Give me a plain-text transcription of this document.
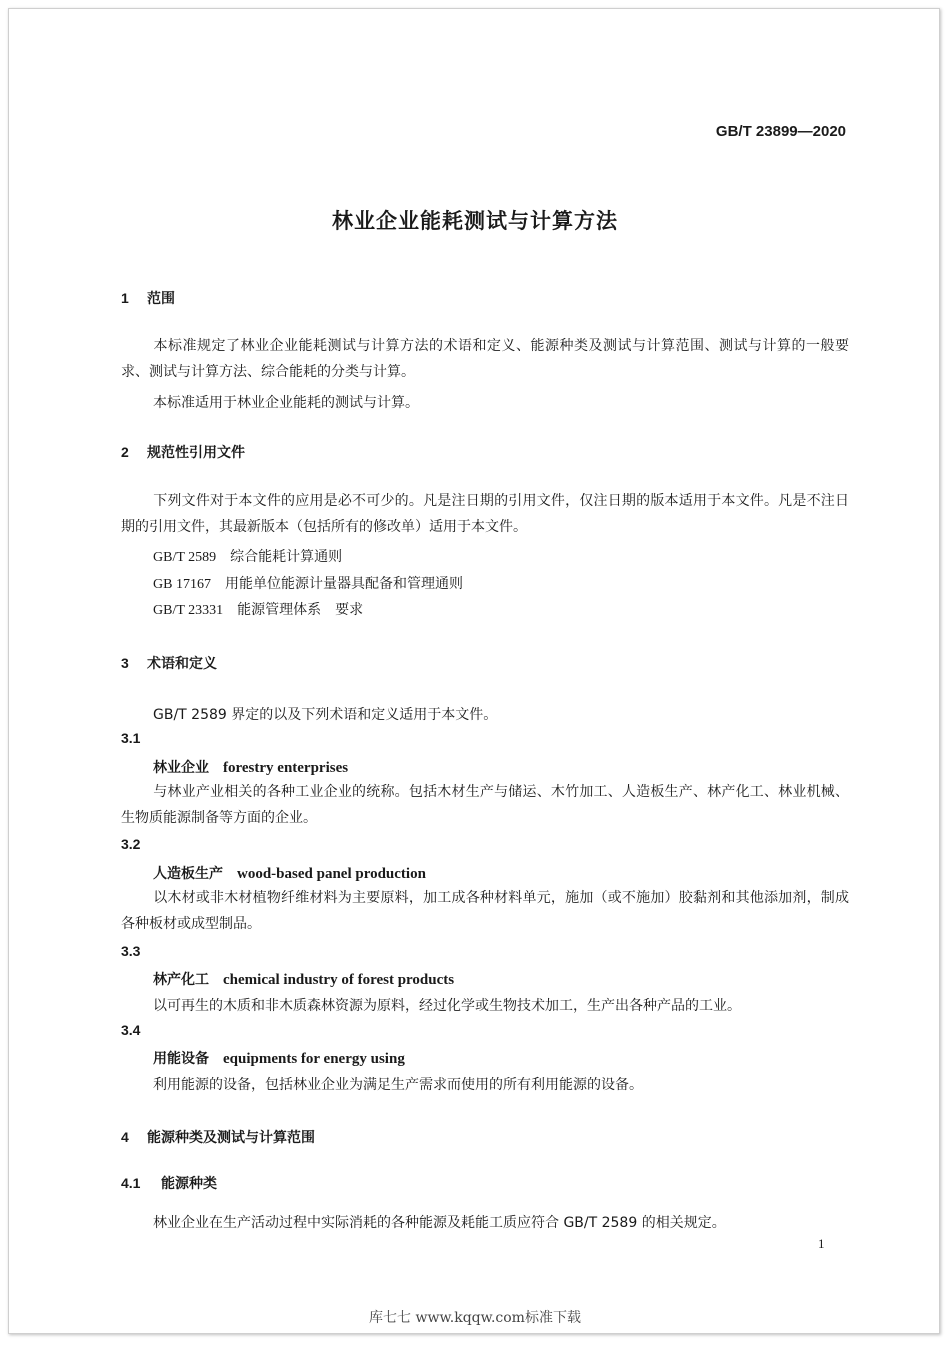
GB/T 23899—2020
林业企业能耗测试与计算方法
1 范围
本标准规定了林业企业能耗测试与计算方法的术语和定义、能源种类及测试与计算范围、测试与计算的一般要求、测试与计算方法、综合能耗的分类与计算。
本标准适用于林业企业能耗的测试与计算。
2 规范性引用文件
下列文件对于本文件的应用是必不可少的。凡是注日期的引用文件，仅注日期的版本适用于本文件。凡是不注日期的引用文件，其最新版本（包括所有的修改单）适用于本文件。
GB/T 2589 综合能耗计算通则
GB 17167 用能单位能源计量器具配备和管理通则
GB/T 23331 能源管理体系　要求
3 术语和定义
GB/T 2589 界定的以及下列术语和定义适用于本文件。
3.1
林业企业 forestry enterprises
与林业产业相关的各种工业企业的统称。包括木材生产与储运、木竹加工、人造板生产、林产化工、林业机械、生物质能源制备等方面的企业。
3.2
人造板生产 wood-based panel production
以木材或非木材植物纤维材料为主要原料，加工成各种材料单元，施加（或不施加）胶黏剂和其他添加剂，制成各种板材或成型制品。
3.3
林产化工 chemical industry of forest products
以可再生的木质和非木质森林资源为原料，经过化学或生物技术加工，生产出各种产品的工业。
3.4
用能设备 equipments for energy using
利用能源的设备，包括林业企业为满足生产需求而使用的所有利用能源的设备。
4 能源种类及测试与计算范围
4.1 能源种类
林业企业在生产活动过程中实际消耗的各种能源及耗能工质应符合 GB/T 2589 的相关规定。
1
库七七 www.kqqw.com标准下载
